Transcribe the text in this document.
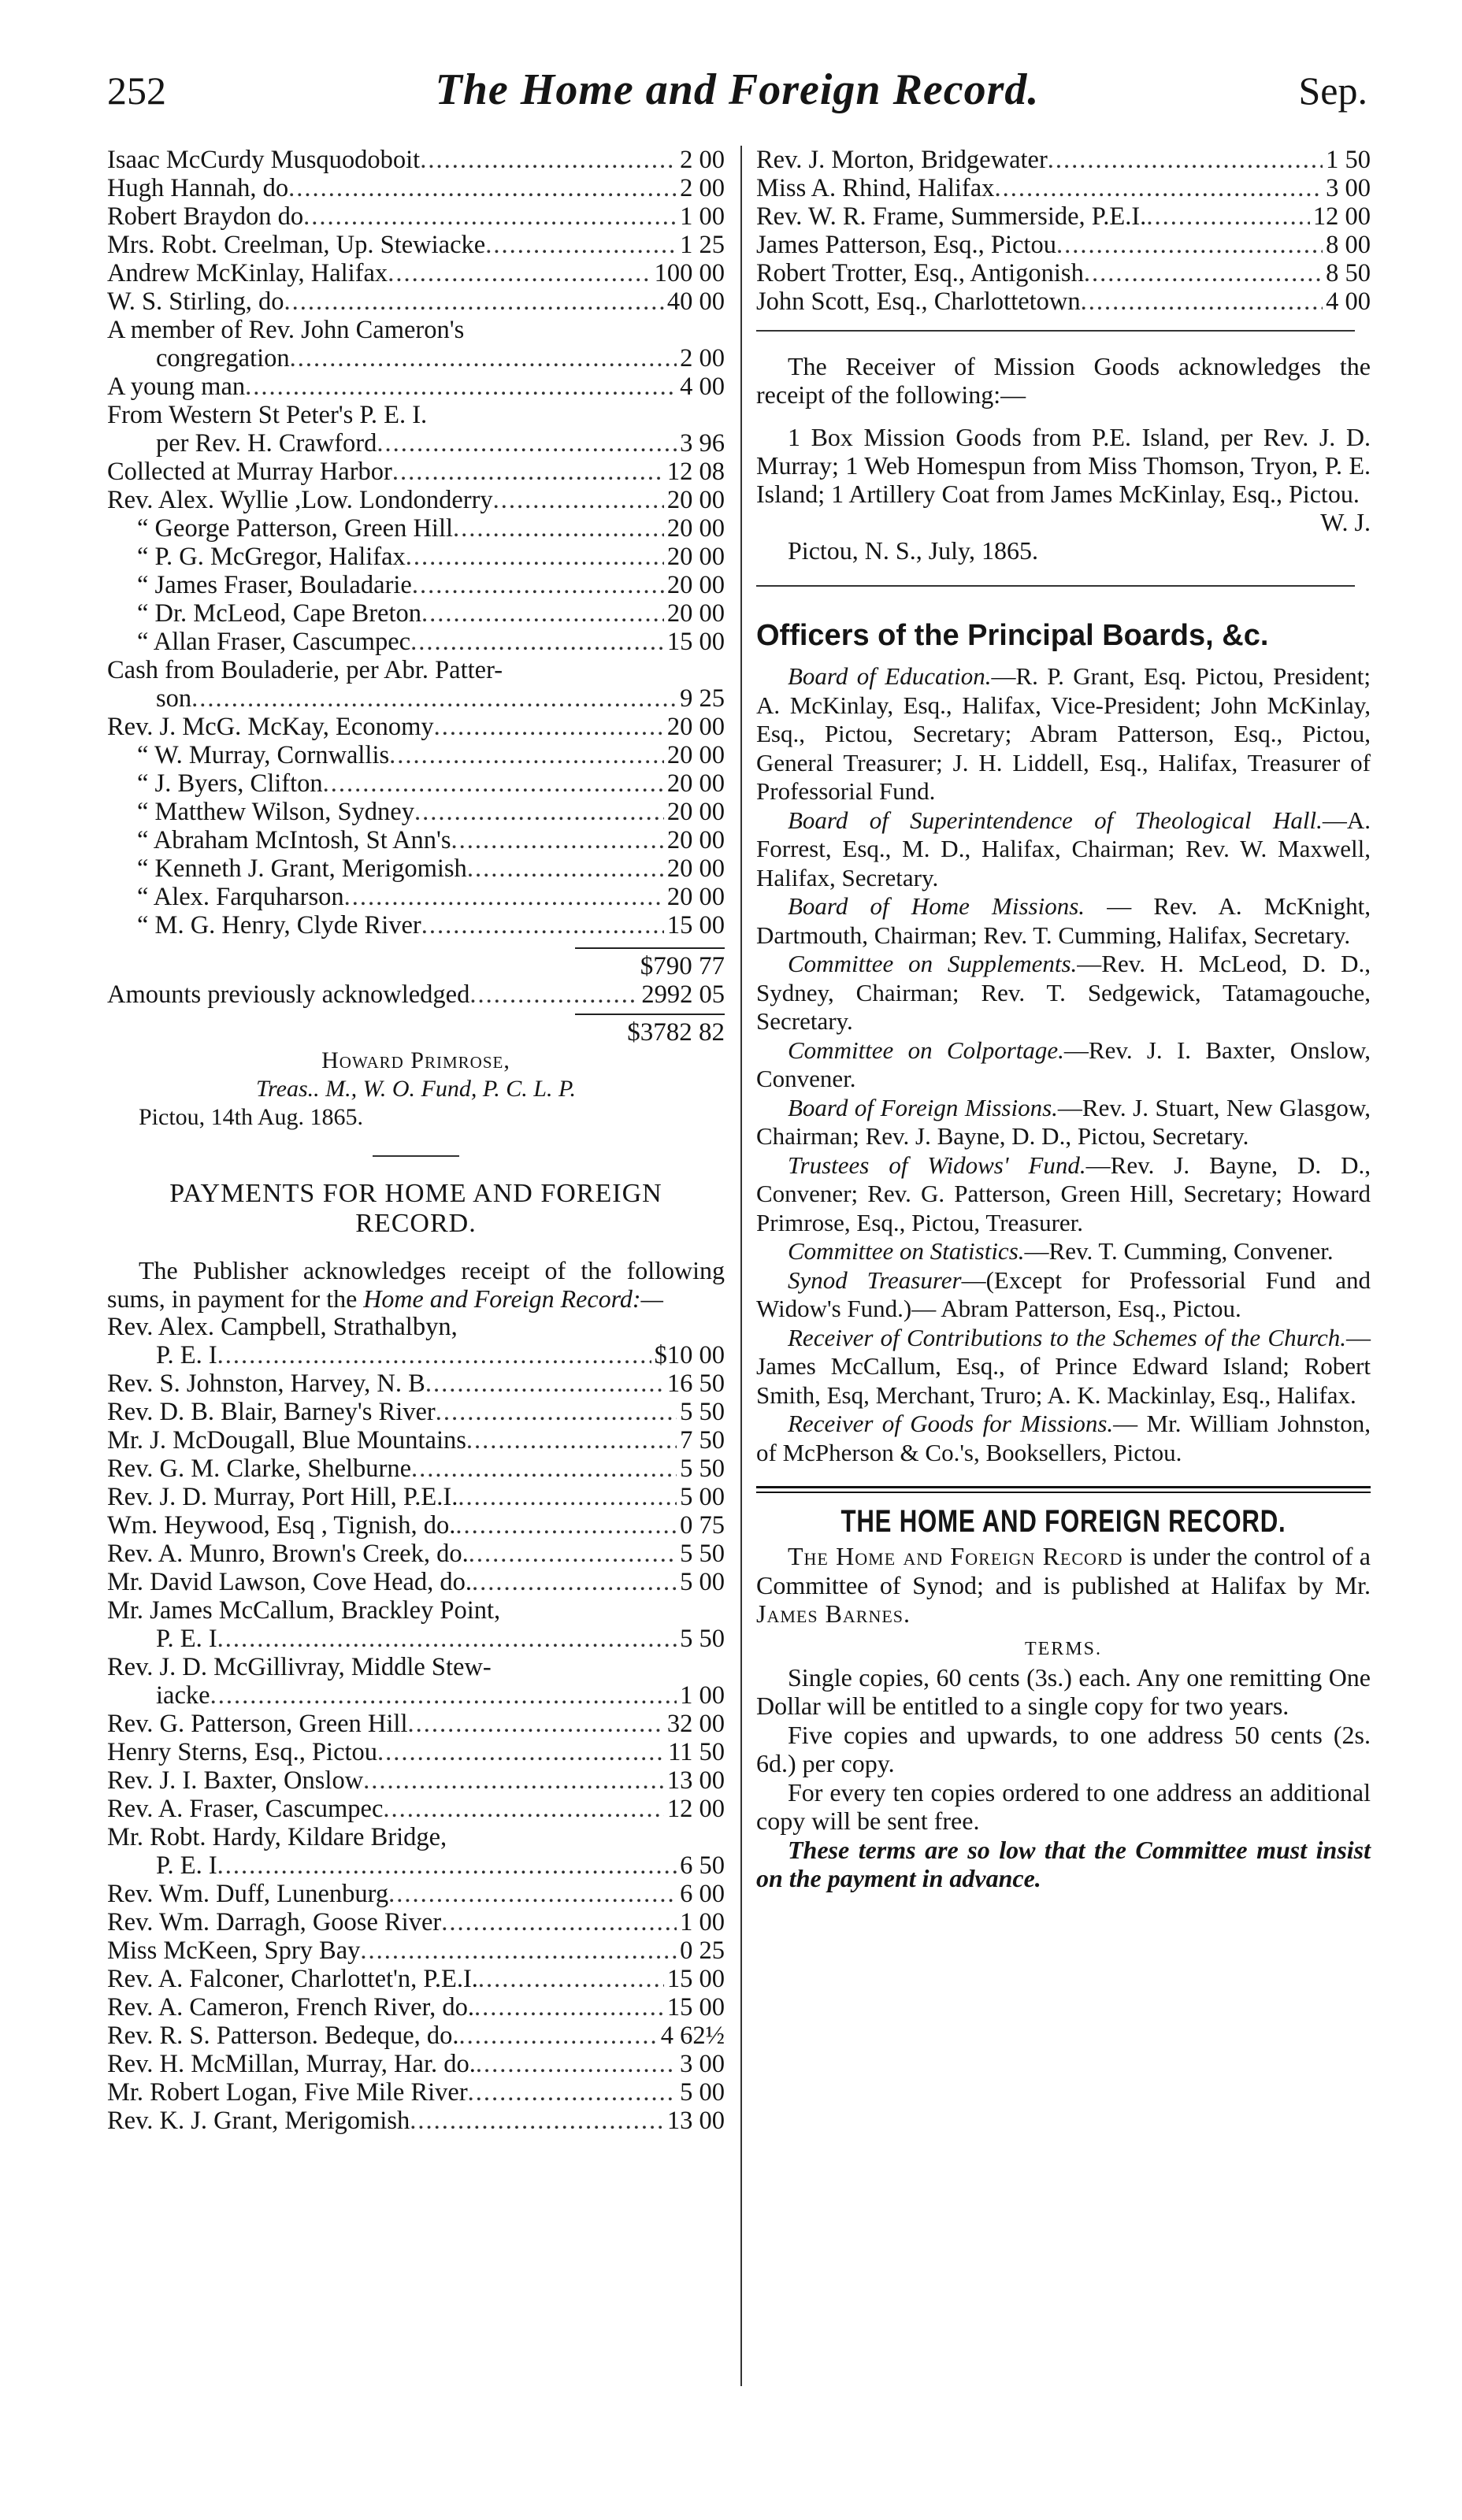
252	The Home and Foreign Record.	Sep.
Isaac McCurdy Musquodoboit .....	2 00
Hugh Hannah, do .....	2 00
Robert Braydon do .....	1 00
Mrs. Robt. Creelman, Up. Stewiacke .....	1 25
Andrew McKinlay, Halifax .....	100 00
W. S. Stirling, do .....	40 00
A member of Rev. John Cameron's
congregation .....	2 00
A young man .....	4 00
From Western St Peter's P. E. I.
per Rev. H. Crawford .....	3 96
Collected at Murray Harbor .....	12 08
Rev. Alex. Wyllie ,Low. Londonderry .....	20 00
“ George Patterson, Green Hill .....	20 00
“ P. G. McGregor, Halifax .....	20 00
“ James Fraser, Bouladarie .....	20 00
“ Dr. McLeod, Cape Breton .....	20 00
“ Allan Fraser, Cascumpec .....	15 00
Cash from Bouladerie, per Abr. Patter-
son .....	9 25
Rev. J. McG. McKay, Economy .....	20 00
“ W. Murray, Cornwallis .....	20 00
“ J. Byers, Clifton .....	20 00
“ Matthew Wilson, Sydney .....	20 00
“ Abraham McIntosh, St Ann's .....	20 00
“ Kenneth J. Grant, Merigomish .....	20 00
“ Alex. Farquharson .....	20 00
“ M. G. Henry, Clyde River .....	15 00
$790 77
Amounts previously acknowledged .....	2992 05
$3782 82
Howard Primrose,
Treas.. M., W. O. Fund, P. C. L. P.
Pictou, 14th Aug. 1865.
PAYMENTS FOR HOME AND FOREIGN
RECORD.
The Publisher acknowledges receipt of the following sums, in payment for the Home and Foreign Record:—
Rev. Alex. Campbell, Strathalbyn,
P. E. I .....	$10 00
Rev. S. Johnston, Harvey, N. B .....	16 50
Rev. D. B. Blair, Barney's River .....	5 50
Mr. J. McDougall, Blue Mountains .....	7 50
Rev. G. M. Clarke, Shelburne .....	5 50
Rev. J. D. Murray, Port Hill, P.E.I. .....	5 00
Wm. Heywood, Esq , Tignish, do. .....	0 75
Rev. A. Munro, Brown's Creek, do. .....	5 50
Mr. David Lawson, Cove Head, do. .....	5 00
Mr. James McCallum, Brackley Point,
P. E. I .....	5 50
Rev. J. D. McGillivray, Middle Stew-
iacke .....	1 00
Rev. G. Patterson, Green Hill .....	32 00
Henry Sterns, Esq., Pictou .....	11 50
Rev. J. I. Baxter, Onslow .....	13 00
Rev. A. Fraser, Cascumpec .....	12 00
Mr. Robt. Hardy, Kildare Bridge,
P. E. I .....	6 50
Rev. Wm. Duff, Lunenburg .....	6 00
Rev. Wm. Darragh, Goose River .....	1 00
Miss McKeen, Spry Bay .....	0 25
Rev. A. Falconer, Charlottet'n, P.E.I. .....	15 00
Rev. A. Cameron, French River, do. .....	15 00
Rev. R. S. Patterson. Bedeque, do. .....	4 62½
Rev. H. McMillan, Murray, Har. do. .....	3 00
Mr. Robert Logan, Five Mile River .....	5 00
Rev. K. J. Grant, Merigomish .....	13 00
Rev. J. Morton, Bridgewater .....	1 50
Miss A. Rhind, Halifax .....	3 00
Rev. W. R. Frame, Summerside, P.E.I. .....	12 00
James Patterson, Esq., Pictou .....	8 00
Robert Trotter, Esq., Antigonish .....	8 50
John Scott, Esq., Charlottetown .....	4 00
The Receiver of Mission Goods acknowledges the receipt of the following:—
1 Box Mission Goods from P.E. Island, per Rev. J. D. Murray; 1 Web Homespun from Miss Thomson, Tryon, P. E. Island; 1 Artillery Coat from James McKinlay, Esq., Pictou.
W. J.
Pictou, N. S., July, 1865.
Officers of the Principal Boards, &c.
Board of Education.—R. P. Grant, Esq. Pictou, President; A. McKinlay, Esq., Halifax, Vice-President; John McKinlay, Esq., Pictou, Secretary; Abram Patterson, Esq., Pictou, General Treasurer; J. H. Liddell, Esq., Halifax, Treasurer of Professorial Fund.
Board of Superintendence of Theological Hall.—A. Forrest, Esq., M. D., Halifax, Chairman; Rev. W. Maxwell, Halifax, Secretary.
Board of Home Missions. — Rev. A. McKnight, Dartmouth, Chairman; Rev. T. Cumming, Halifax, Secretary.
Committee on Supplements.—Rev. H. McLeod, D. D., Sydney, Chairman; Rev. T. Sedgewick, Tatamagouche, Secretary.
Committee on Colportage.—Rev. J. I. Baxter, Onslow, Convener.
Board of Foreign Missions.—Rev. J. Stuart, New Glasgow, Chairman; Rev. J. Bayne, D. D., Pictou, Secretary.
Trustees of Widows' Fund.—Rev. J. Bayne, D. D., Convener; Rev. G. Patterson, Green Hill, Secretary; Howard Primrose, Esq., Pictou, Treasurer.
Committee on Statistics.—Rev. T. Cumming, Convener.
Synod Treasurer—(Except for Professorial Fund and Widow's Fund.)— Abram Patterson, Esq., Pictou.
Receiver of Contributions to the Schemes of the Church.—James McCallum, Esq., of Prince Edward Island; Robert Smith, Esq, Merchant, Truro; A. K. Mackinlay, Esq., Halifax.
Receiver of Goods for Missions.— Mr. William Johnston, of McPherson & Co.'s, Booksellers, Pictou.
THE HOME AND FOREIGN RECORD.
The Home and Foreign Record is under the control of a Committee of Synod; and is published at Halifax by Mr. James Barnes.
TERMS.
Single copies, 60 cents (3s.) each. Any one remitting One Dollar will be entitled to a single copy for two years.
Five copies and upwards, to one address 50 cents (2s. 6d.) per copy.
For every ten copies ordered to one address an additional copy will be sent free.
These terms are so low that the Committee must insist on the payment in advance.
